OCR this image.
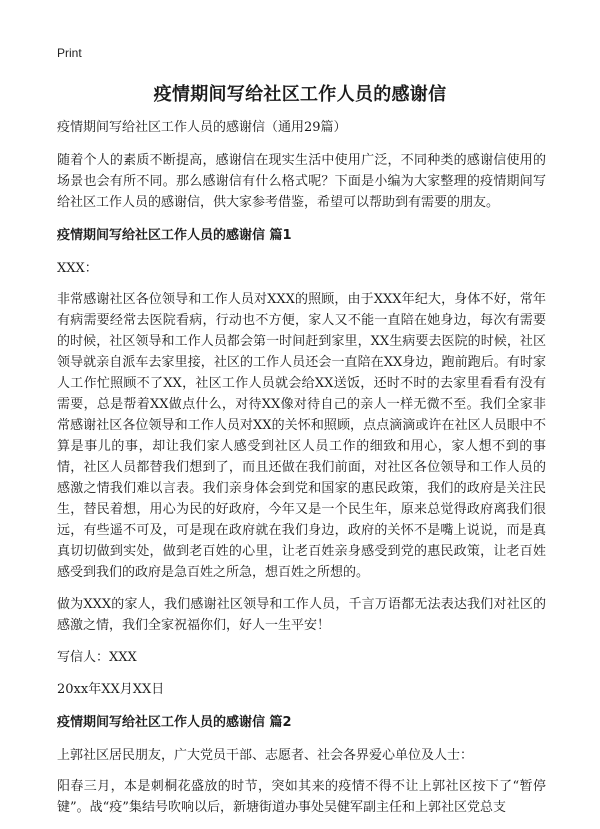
Print
疫情期间写给社区工作人员的感谢信

疫情期间写给社区工作人员的感谢信（通用29篇）

随着个人的素质不断提高，感谢信在现实生活中使用广泛，不同种类的感谢信使用的场景也会有所不同。那么感谢信有什么格式呢？下面是小编为大家整理的疫情期间写给社区工作人员的感谢信，供大家参考借鉴，希望可以帮助到有需要的朋友。

疫情期间写给社区工作人员的感谢信 篇1

XXX：

非常感谢社区各位领导和工作人员对XXX的照顾，由于XXX年纪大，身体不好，常年有病需要经常去医院看病，行动也不方便，家人又不能一直陪在她身边，每次有需要的时候，社区领导和工作人员都会第一时间赶到家里，XX生病要去医院的时候，社区领导就亲自派车去家里接，社区的工作人员还会一直陪在XX身边，跑前跑后。有时家人工作忙照顾不了XX，社区工作人员就会给XX送饭，还时不时的去家里看看有没有需要，总是帮着XX做点什么，对待XX像对待自己的亲人一样无微不至。我们全家非常感谢社区各位领导和工作人员对XX的关怀和照顾，点点滴滴或许在社区人员眼中不算是事儿的事，却让我们家人感受到社区人员工作的细致和用心，家人想不到的事情，社区人员都替我们想到了，而且还做在我们前面，对社区各位领导和工作人员的感激之情我们难以言表。我们亲身体会到党和国家的惠民政策，我们的政府是关注民生，替民着想，用心为民的好政府，今年又是一个民生年，原来总觉得政府离我们很远，有些遥不可及，可是现在政府就在我们身边，政府的关怀不是嘴上说说，而是真真切切做到实处，做到老百姓的心里，让老百姓亲身感受到党的惠民政策，让老百姓感受到我们的政府是急百姓之所急，想百姓之所想的。

做为XXX的家人，我们感谢社区领导和工作人员，千言万语都无法表达我们对社区的感激之情，我们全家祝福你们，好人一生平安！

写信人：XXX

20xx年XX月XX日

疫情期间写给社区工作人员的感谢信 篇2

上郭社区居民朋友，广大党员干部、志愿者、社会各界爱心单位及人士：

阳春三月，本是刺桐花盛放的时节，突如其来的疫情不得不让上郭社区按下了“暂停键”。战“疫”集结号吹响以后，新塘街道办事处吴健军副主任和上郭社区党总支
